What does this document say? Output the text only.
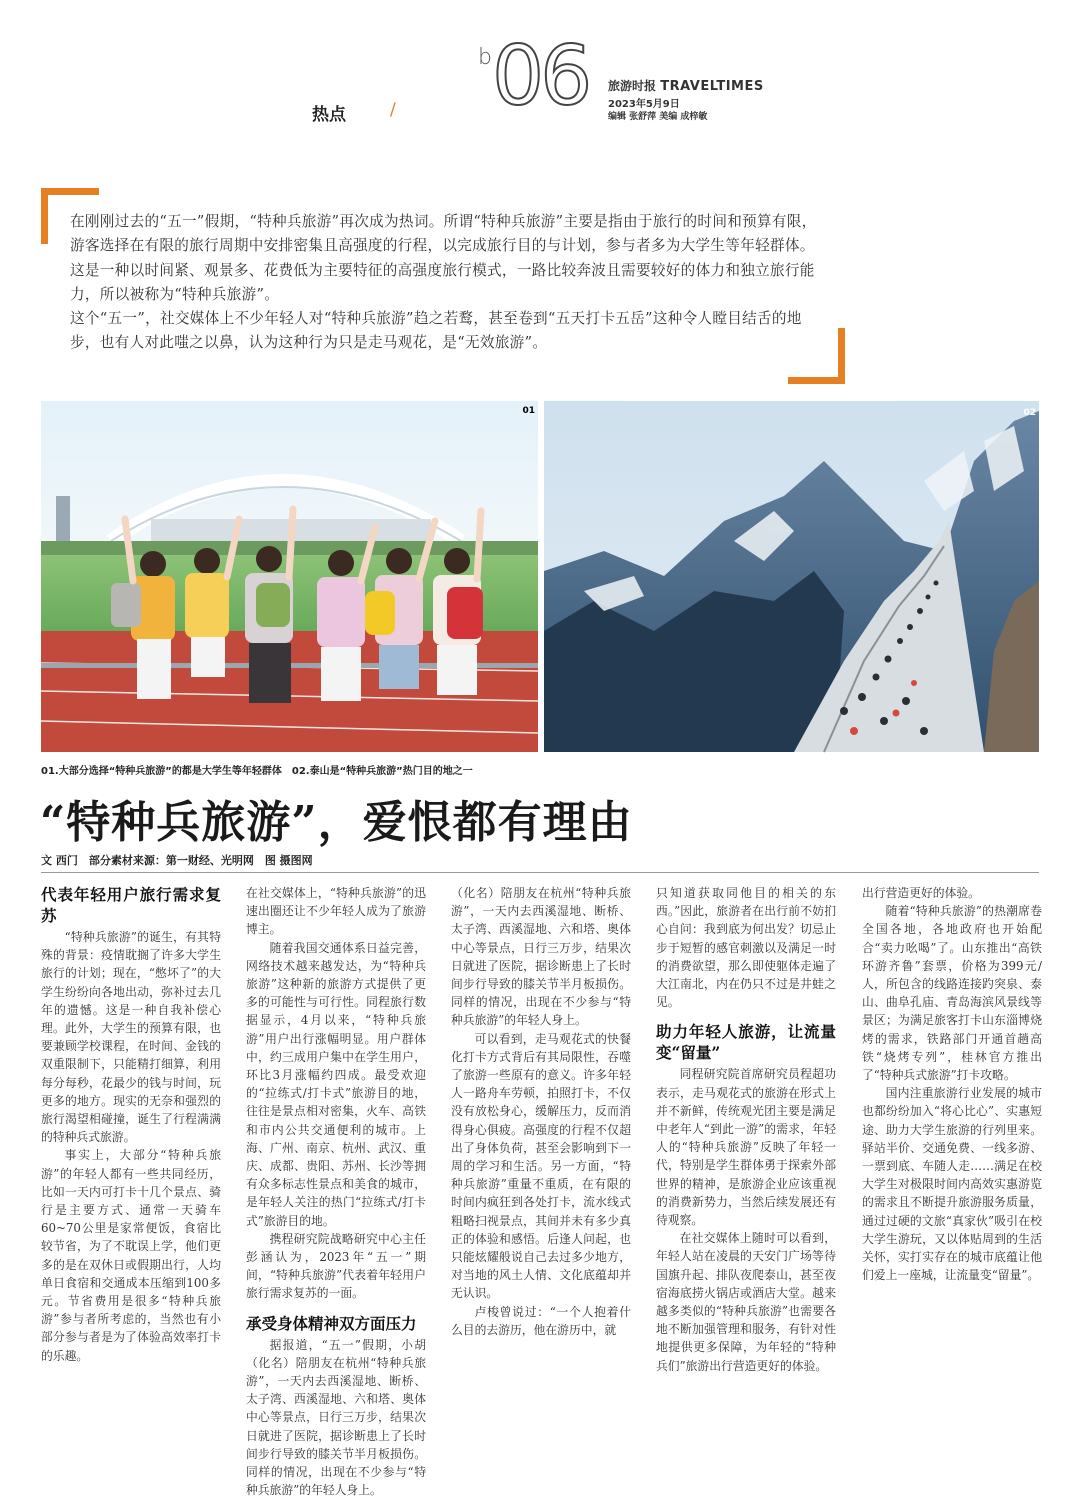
热点	/
b 06 旅游时报 TRAVELTIMES
2023年5月9日
编辑 张舒萍 美编 成梓敏

在刚刚过去的“五一”假期，“特种兵旅游”再次成为热词。所谓“特种兵旅游”主要是指由于旅行的时间和预算有限，游客选择在有限的旅行周期中安排密集且高强度的行程，以完成旅行目的与计划，参与者多为大学生等年轻群体。这是一种以时间紧、观景多、花费低为主要特征的高强度旅行模式，一路比较奔波且需要较好的体力和独立旅行能力，所以被称为“特种兵旅游”。

这个“五一”，社交媒体上不少年轻人对“特种兵旅游”趋之若鹜，甚至卷到“五天打卡五岳”这种令人瞠目结舌的地步，也有人对此嗤之以鼻，认为这种行为只是走马观花，是“无效旅游”。

01	02
01.大部分选择“特种兵旅游”的都是大学生等年轻群体　02.泰山是“特种兵旅游”热门目的地之一
“特种兵旅游”，爱恨都有理由
文 西门　部分素材来源：第一财经、光明网　图 摄图网
代表年轻用户旅行需求复苏

“特种兵旅游”的诞生，有其特殊的背景：疫情耽搁了许多大学生旅行的计划；现在，“憋坏了”的大学生纷纷向各地出动，弥补过去几年的遗憾。这是一种自我补偿心理。此外，大学生的预算有限，也要兼顾学校课程，在时间、金钱的双重限制下，只能精打细算，利用每分每秒，花最少的钱与时间，玩更多的地方。现实的无奈和强烈的旅行渴望相碰撞，诞生了行程满满的特种兵式旅游。

事实上，大部分“特种兵旅游”的年轻人都有一些共同经历，比如一天内可打卡十几个景点、骑行是主要方式、通常一天骑车60~70公里是家常便饭，食宿比较节省，为了不耽误上学，他们更多的是在双休日或假期出行，人均单日食宿和交通成本压缩到100多元。节省费用是很多“特种兵旅游”参与者所考虑的，当然也有小部分参与者是为了体验高效率打卡的乐趣。

在社交媒体上，“特种兵旅游”的迅速出圈还让不少年轻人成为了旅游博主。

随着我国交通体系日益完善，网络技术越来越发达，为“特种兵旅游”这种新的旅游方式提供了更多的可能性与可行性。同程旅行数据显示，4月以来，“特种兵旅游”用户出行涨幅明显。用户群体中，约三成用户集中在学生用户，环比3月涨幅约四成。最受欢迎的“拉练式/打卡式”旅游目的地，往往是景点相对密集，火车、高铁和市内公共交通便利的城市。上海、广州、南京、杭州、武汉、重庆、成都、贵阳、苏州、长沙等拥有众多标志性景点和美食的城市，是年轻人关注的热门“拉练式/打卡式”旅游目的地。

携程研究院战略研究中心主任彭涵认为，2023年“五一”期间，“特种兵旅游”代表着年轻用户旅行需求复苏的一面。

承受身体精神双方面压力

据报道，“五一”假期，小胡（化名）陪朋友在杭州“特种兵旅游”，一天内去西溪湿地、断桥、太子湾、西溪湿地、六和塔、奥体中心等景点，日行三万步，结果次日就进了医院，据诊断患上了长时间步行导致的膝关节半月板损伤。同样的情况，出现在不少参与“特种兵旅游”的年轻人身上。

（化名）陪朋友在杭州“特种兵旅游”，一天内去西溪湿地、断桥、太子湾、西溪湿地、六和塔、奥体中心等景点，日行三万步，结果次日就进了医院，据诊断患上了长时间步行导致的膝关节半月板损伤。同样的情况，出现在不少参与“特种兵旅游”的年轻人身上。

可以看到，走马观花式的快餐化打卡方式背后有其局限性，吞噬了旅游一些原有的意义。许多年轻人一路舟车劳顿，拍照打卡，不仅没有放松身心，缓解压力，反而消得身心俱疲。高强度的行程不仅超出了身体负荷，甚至会影响到下一周的学习和生活。另一方面，“特种兵旅游”重量不重质，在有限的时间内疯狂到各处打卡，流水线式粗略扫视景点，其间并未有多少真正的体验和感悟。后逢人问起，也只能炫耀般说自己去过多少地方，对当地的风土人情、文化底蕴却并无认识。

卢梭曾说过：“一个人抱着什么目的去游历，他在游历中，就

只知道获取同他目的相关的东西。”因此，旅游者在出行前不妨扪心自问：我到底为何出发？切忌止步于短暂的感官刺激以及满足一时的消费欲望，那么即使躯体走遍了大江南北，内在仍只不过是井蛙之见。

助力年轻人旅游，让流量变“留量”

同程研究院首席研究员程超功表示，走马观花式的旅游在形式上并不新鲜，传统观光团主要是满足中老年人“到此一游”的需求，年轻人的“特种兵旅游”反映了年轻一代，特别是学生群体勇于探索外部世界的精神，是旅游企业应该重视的消费新势力，当然后续发展还有待观察。

在社交媒体上随时可以看到，年轻人站在凌晨的天安门广场等待国旗升起、排队夜爬泰山，甚至夜宿海底捞火锅店或酒店大堂。越来越多类似的“特种兵旅游”也需要各地不断加强管理和服务，有针对性地提供更多保障，为年轻的“特种兵们”旅游出行营造更好的体验。

出行营造更好的体验。

随着“特种兵旅游”的热潮席卷全国各地，各地政府也开始配合“卖力吆喝”了。山东推出“高铁环游齐鲁”套票，价格为399元/人，所包含的线路连接趵突泉、泰山、曲阜孔庙、青岛海滨风景线等景区；为满足旅客打卡山东淄博烧烤的需求，铁路部门开通首趟高铁“烧烤专列”，桂林官方推出了“特种兵式旅游”打卡攻略。

国内注重旅游行业发展的城市也都纷纷加入“将心比心”、实惠短途、助力大学生旅游的行列里来。驿站半价、交通免费、一线多游、一票到底、车随人走……满足在校大学生对极限时间内高效实惠游览的需求且不断提升旅游服务质量，通过过硬的文旅“真家伙”吸引在校大学生游玩，又以体贴周到的生活关怀，实打实存在的城市底蕴让他们爱上一座城，让流量变“留量”。
